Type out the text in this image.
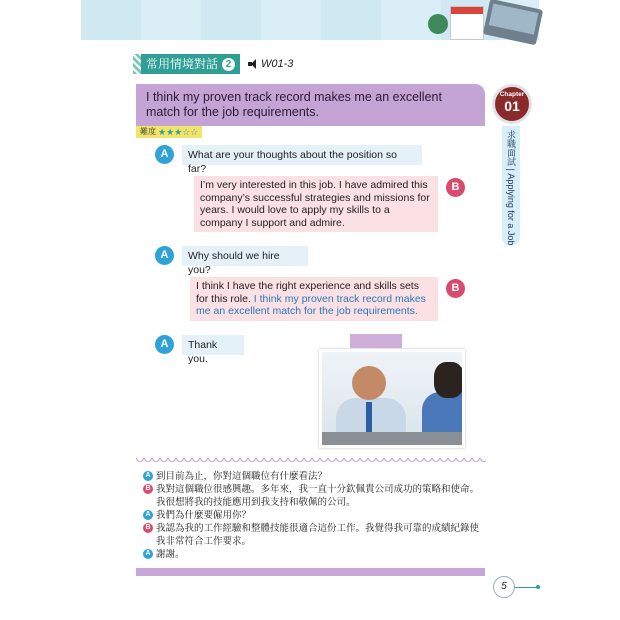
常用情境對話 2	W01-3
I think my proven track record makes me an excellent match for the job requirements.
難度 ★★★☆☆	求職面試 | Applying for a Job
Chapter
01
A	What are your thoughts about the position so far?
I’m very interested in this job. I have admired this company’s successful strategies and missions for years. I would love to apply my skills to a company I support and admire.
B
A	Why should we hire you?
I think I have the right experience and skills sets for this role. I think my proven track record makes me an excellent match for the job requirements.
B
A	Thank you.
A 到目前為止，你對這個職位有什麼看法？
B 我對這個職位很感興趣。多年來，我一直十分欽佩貴公司成功的策略和使命。
我很想將我的技能應用到我支持和敬佩的公司。
A 我們為什麼要僱用你？
B 我認為我的工作經驗和整體技能很適合這份工作。我覺得我可靠的成績紀錄使
我非常符合工作要求。
A 謝謝。
5
